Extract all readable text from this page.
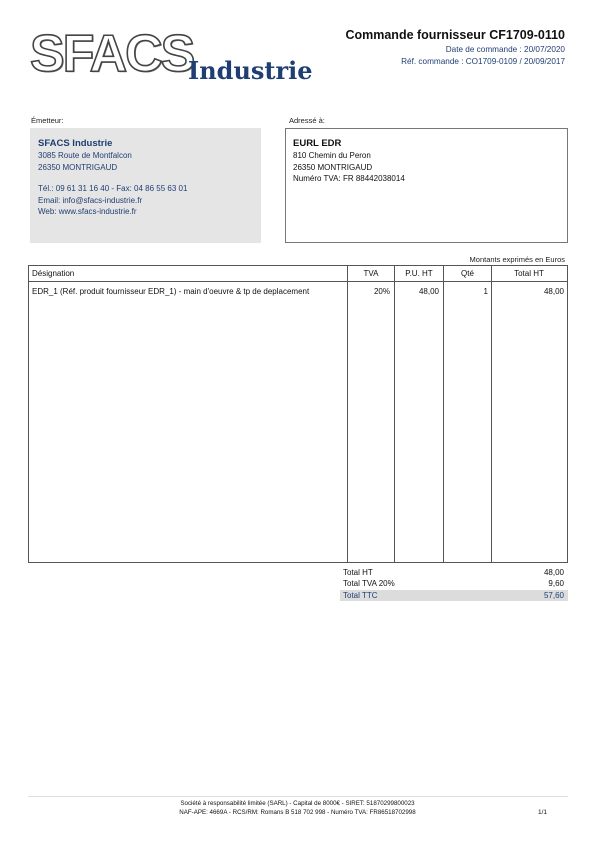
SFACS
Industrie
Commande fournisseur CF1709-0110
Date de commande : 20/07/2020
Réf. commande : CO1709-0109 / 20/09/2017
Émetteur:	Adressé à:
SFACS Industrie
3085 Route de Montfalcon
26350 MONTRIGAUD
Tél.: 09 61 31 16 40 - Fax: 04 86 55 63 01
Email: info@sfacs-industrie.fr
Web: www.sfacs-industrie.fr
EURL EDR
810 Chemin du Peron
26350 MONTRIGAUD
Numéro TVA: FR 88442038014
Montants exprimés en Euros
Désignation	TVA	P.U. HT	Qté	Total HT
EDR_1 (Réf. produit fournisseur EDR_1) - main d'oeuvre & tp de deplacement	20%	48,00	1	48,00
Total HT	48,00
Total TVA 20%	9,60
Total TTC	57,60
Société à responsabilité limitée (SARL) - Capital de 8000€ - SIRET: 51870299800023
NAF-APE: 4669A - RCS/RM: Romans B 518 702 998 - Numéro TVA: FR86518702998	1/1
